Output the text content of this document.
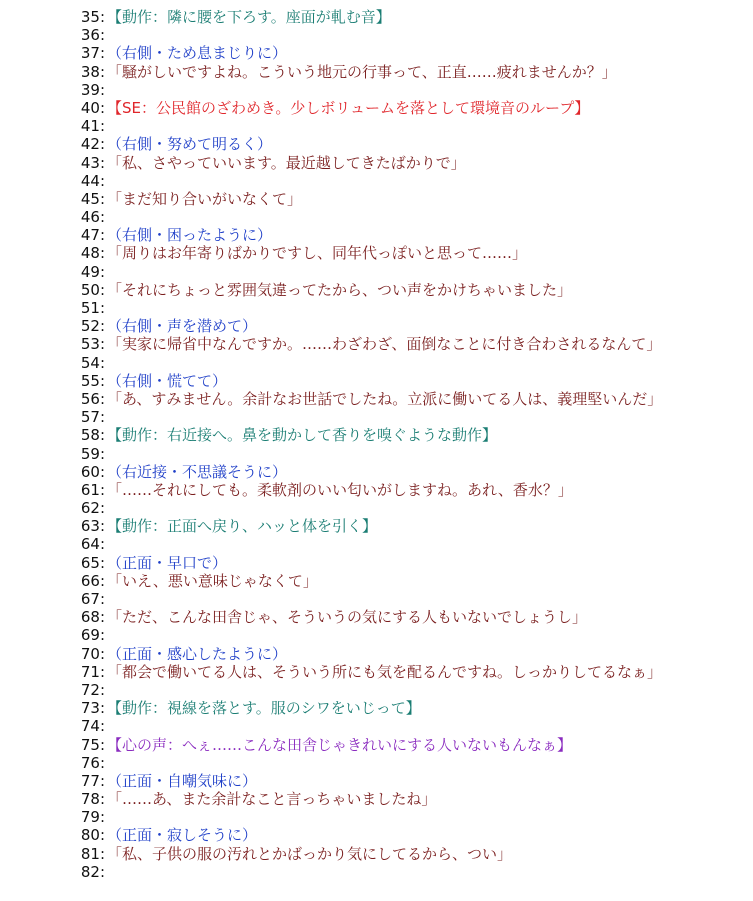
35: 【動作：隣に腰を下ろす。座面が軋む音】
36:
37: （右側・ため息まじりに）
38: 「騒がしいですよね。こういう地元の行事って、正直……疲れませんか？」
39:
40: 【SE：公民館のざわめき。少しボリュームを落として環境音のループ】
41:
42: （右側・努めて明るく）
43: 「私、さやっていいます。最近越してきたばかりで」
44:
45: 「まだ知り合いがいなくて」
46:
47: （右側・困ったように）
48: 「周りはお年寄りばかりですし、同年代っぽいと思って……」
49:
50: 「それにちょっと雰囲気違ってたから、つい声をかけちゃいました」
51:
52: （右側・声を潜めて）
53: 「実家に帰省中なんですか。……わざわざ、面倒なことに付き合わされるなんて」
54:
55: （右側・慌てて）
56: 「あ、すみません。余計なお世話でしたね。立派に働いてる人は、義理堅いんだ」
57:
58: 【動作：右近接へ。鼻を動かして香りを嗅ぐような動作】
59:
60: （右近接・不思議そうに）
61: 「……それにしても。柔軟剤のいい匂いがしますね。あれ、香水？」
62:
63: 【動作：正面へ戻り、ハッと体を引く】
64:
65: （正面・早口で）
66: 「いえ、悪い意味じゃなくて」
67:
68: 「ただ、こんな田舎じゃ、そういうの気にする人もいないでしょうし」
69:
70: （正面・感心したように）
71: 「都会で働いてる人は、そういう所にも気を配るんですね。しっかりしてるなぁ」
72:
73: 【動作：視線を落とす。服のシワをいじって】
74:
75: 【心の声：へぇ……こんな田舎じゃきれいにする人いないもんなぁ】
76:
77: （正面・自嘲気味に）
78: 「……あ、また余計なこと言っちゃいましたね」
79:
80: （正面・寂しそうに）
81: 「私、子供の服の汚れとかばっかり気にしてるから、つい」
82:
